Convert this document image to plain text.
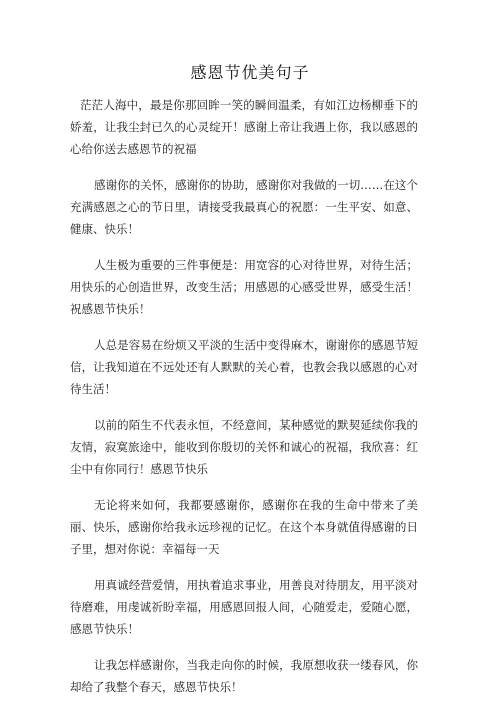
感恩节优美句子

茫茫人海中，最是你那回眸一笑的瞬间温柔，有如江边杨柳垂下的娇羞，让我尘封已久的心灵绽开！感谢上帝让我遇上你，我以感恩的心给你送去感恩节的祝福

感谢你的关怀，感谢你的协助，感谢你对我做的一切……在这个充满感恩之心的节日里，请接受我最真心的祝愿：一生平安、如意、健康、快乐！

人生极为重要的三件事便是：用宽容的心对待世界，对待生活；用快乐的心创造世界，改变生活；用感恩的心感受世界，感受生活！祝感恩节快乐！

人总是容易在纷烦又平淡的生活中变得麻木，谢谢你的感恩节短信，让我知道在不远处还有人默默的关心着，也教会我以感恩的心对待生活！

以前的陌生不代表永恒，不经意间，某种感觉的默契延续你我的友情，寂寞旅途中，能收到你殷切的关怀和诚心的祝福，我欣喜：红尘中有你同行！感恩节快乐

无论将来如何，我都要感谢你，感谢你在我的生命中带来了美丽、快乐，感谢你给我永远珍视的记忆。在这个本身就值得感谢的日子里，想对你说：幸福每一天

用真诚经营爱情，用执着追求事业，用善良对待朋友，用平淡对待磨难，用虔诚祈盼幸福，用感恩回报人间，心随爱走，爱随心愿，感恩节快乐！

让我怎样感谢你，当我走向你的时候，我原想收获一缕春风，你却给了我整个春天，感恩节快乐！
